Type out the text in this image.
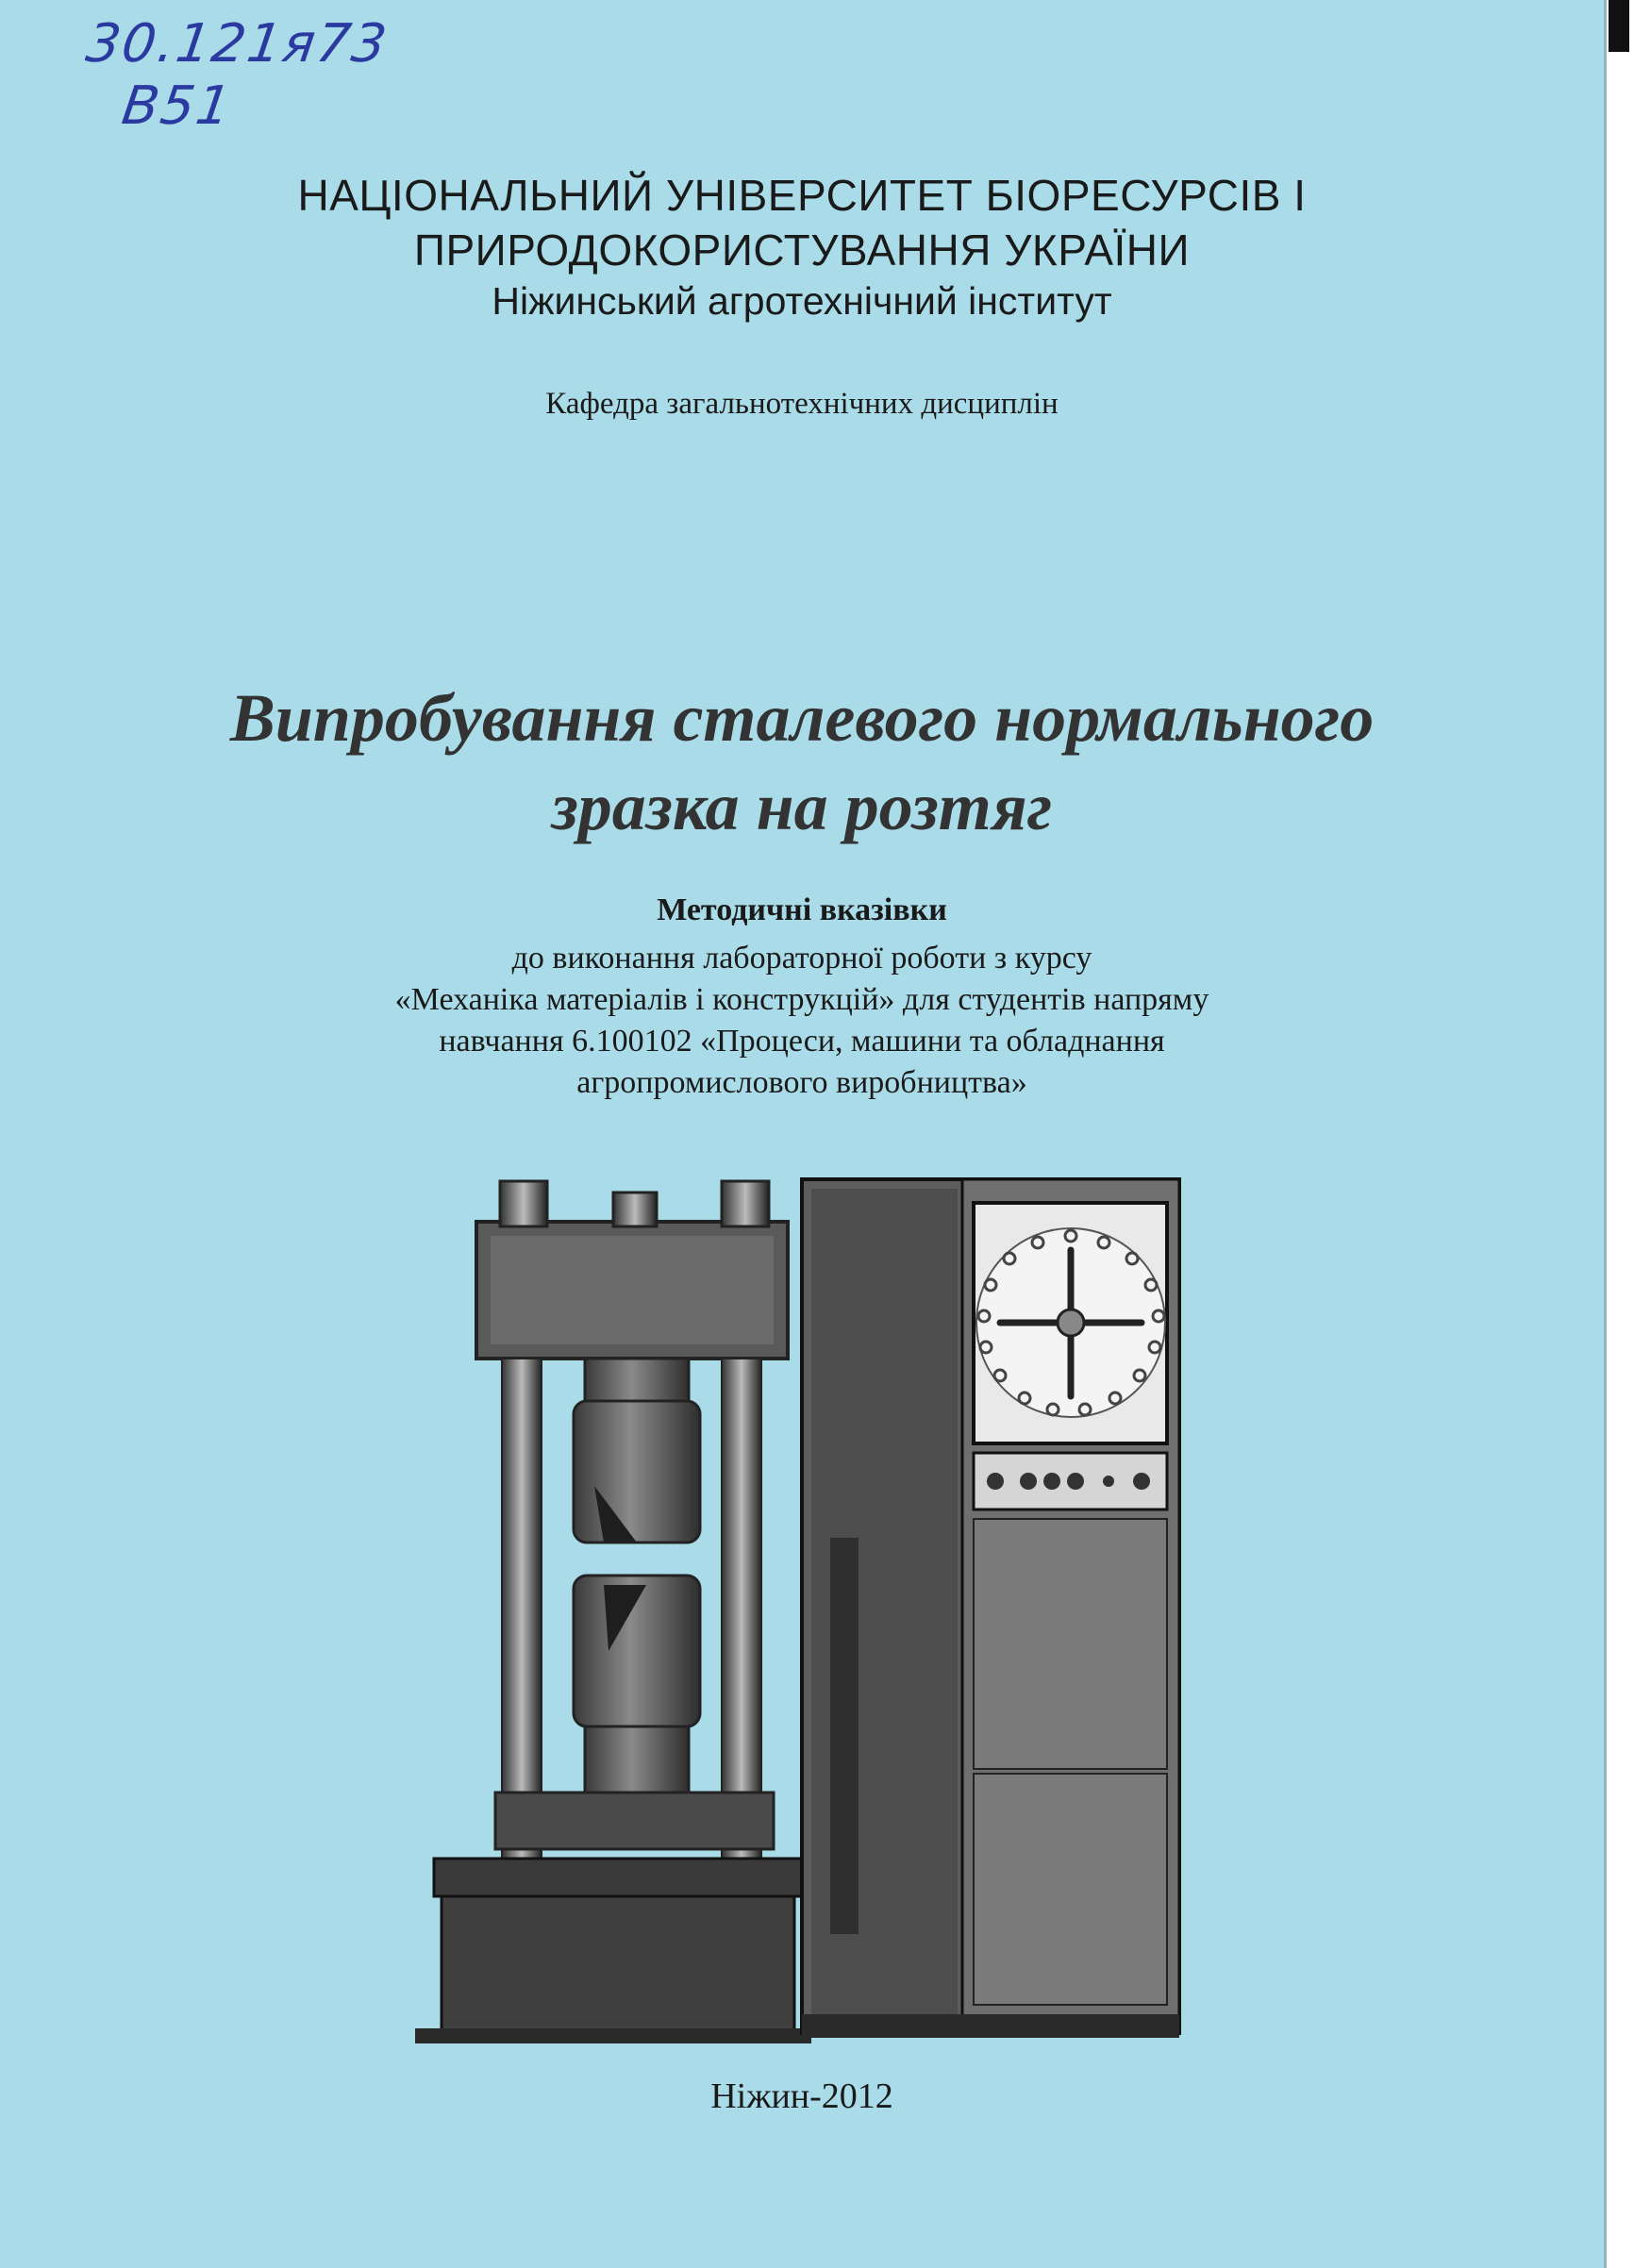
30.121я73
В51
НАЦІОНАЛЬНИЙ УНІВЕРСИТЕТ БІОРЕСУРСІВ І
ПРИРОДОКОРИСТУВАННЯ УКРАЇНИ
Ніжинський агротехнічний інститут
Кафедра загальнотехнічних дисциплін
Випробування сталевого нормального
зразка на розтяг
Методичні вказівки
до виконання лабораторної роботи з курсу
«Механіка матеріалів і конструкцій» для студентів напряму
навчання 6.100102 «Процеси, машини та обладнання
агропромислового виробництва»
Ніжин-2012
